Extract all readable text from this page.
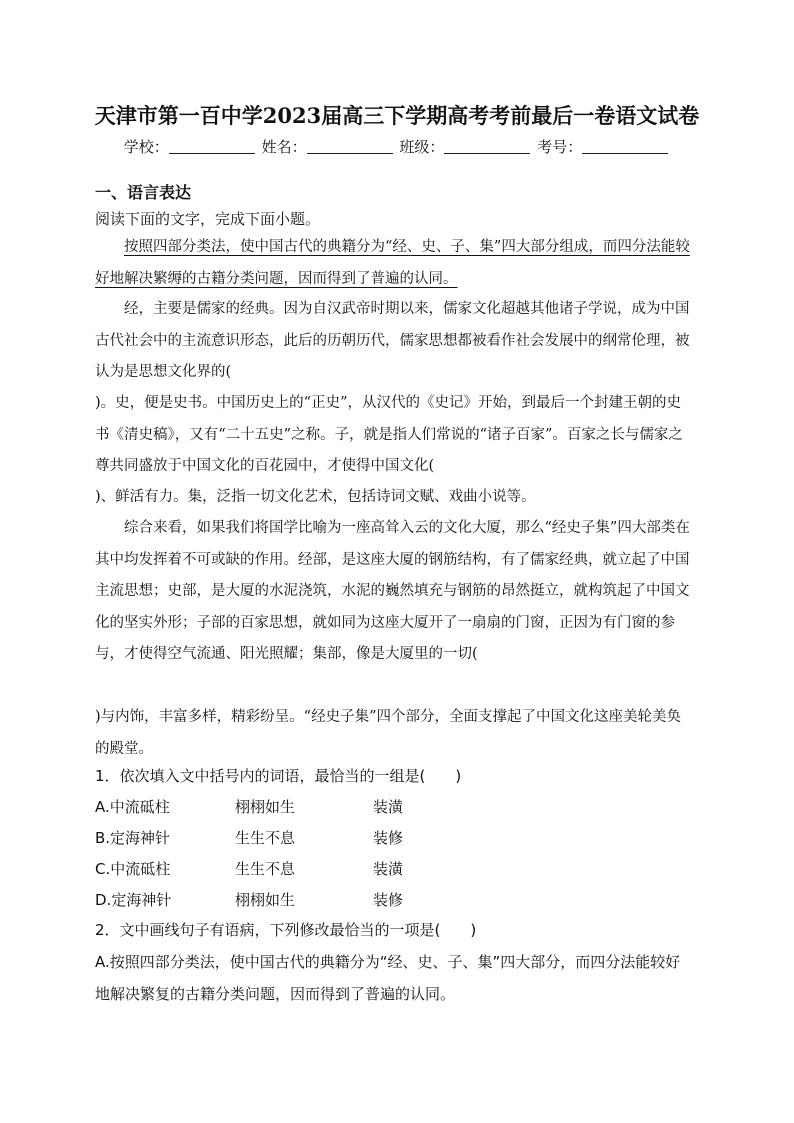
天津市第一百中学2023届高三下学期高考考前最后一卷语文试卷
学校：	姓名：	班级：	考号：
一、语言表达

阅读下面的文字，完成下面小题。

按照四部分类法，使中国古代的典籍分为“经、史、子、集”四大部分组成，而四分法能较好地解决繁缛的古籍分类问题，因而得到了普遍的认同。

经，主要是儒家的经典。因为自汉武帝时期以来，儒家文化超越其他诸子学说，成为中国古代社会中的主流意识形态，此后的历朝历代，儒家思想都被看作社会发展中的纲常伦理，被认为是思想文化界的(

)。史，便是史书。中国历史上的“正史”，从汉代的《史记》开始，到最后一个封建王朝的史书《清史稿》，又有“二十五史”之称。子，就是指人们常说的“诸子百家”。百家之长与儒家之尊共同盛放于中国文化的百花园中，才使得中国文化(

)、鲜活有力。集，泛指一切文化艺术，包括诗词文赋、戏曲小说等。

综合来看，如果我们将国学比喻为一座高耸入云的文化大厦，那么“经史子集”四大部类在其中均发挥着不可或缺的作用。经部，是这座大厦的钢筋结构，有了儒家经典，就立起了中国主流思想；史部，是大厦的水泥浇筑，水泥的巍然填充与钢筋的昂然挺立，就构筑起了中国文化的坚实外形；子部的百家思想，就如同为这座大厦开了一扇扇的门窗，正因为有门窗的参与，才使得空气流通、阳光照耀；集部，像是大厦里的一切(

)与内饰，丰富多样，精彩纷呈。“经史子集”四个部分，全面支撑起了中国文化这座美轮美奂的殿堂。

1．依次填入文中括号内的词语，最恰当的一组是(　　)
A.中流砥柱	栩栩如生	装潢
B.定海神针	生生不息	装修
C.中流砥柱	生生不息	装潢
D.定海神针	栩栩如生	装修
2．文中画线句子有语病，下列修改最恰当的一项是(　　)

A.按照四部分类法，使中国古代的典籍分为“经、史、子、集”四大部分，而四分法能较好地解决繁复的古籍分类问题，因而得到了普遍的认同。
